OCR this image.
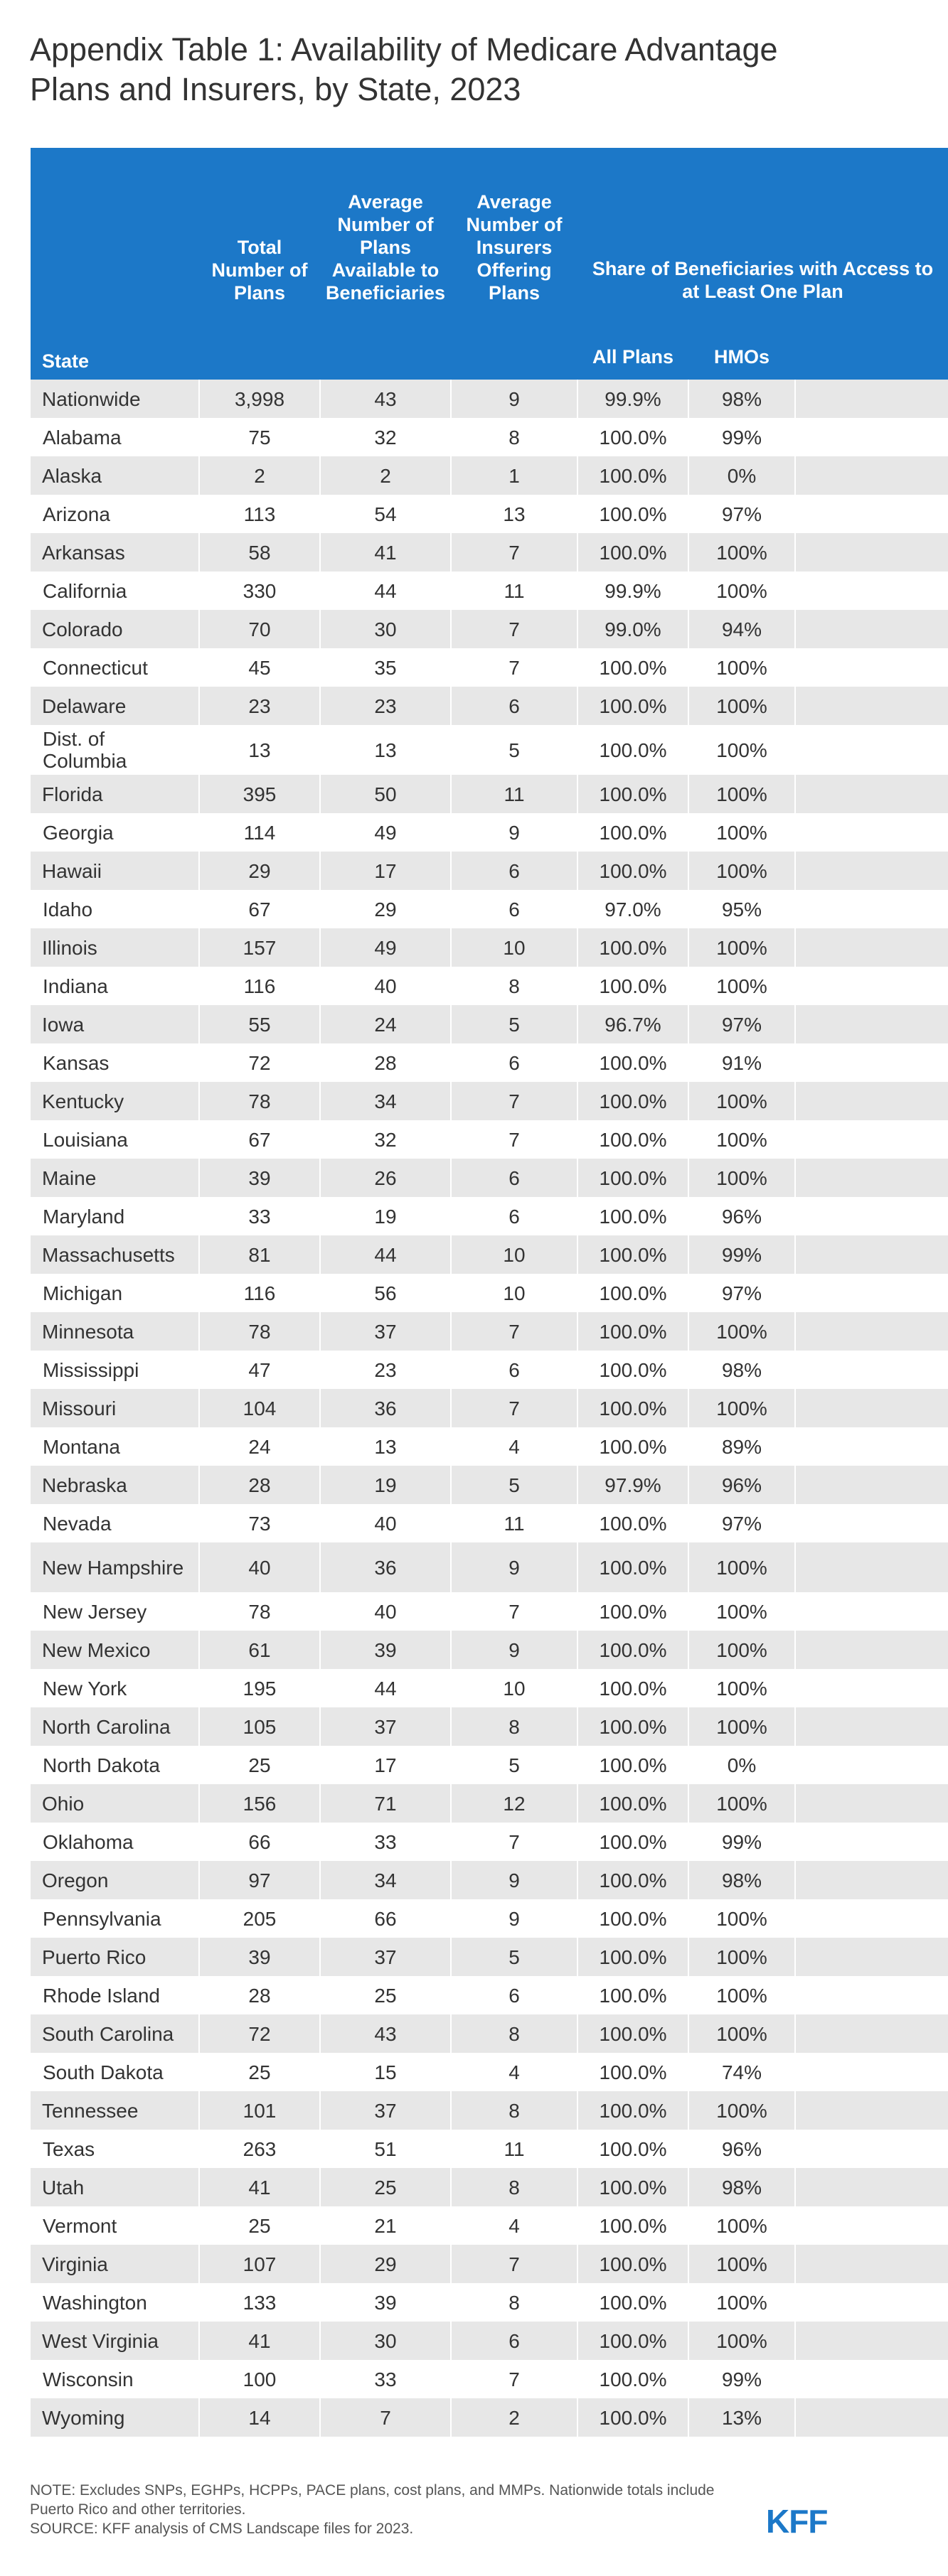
Appendix Table 1: Availability of Medicare Advantage Plans and Insurers, by State, 2023
State	Total Number of Plans	Average Number of Plans Available to Beneficiaries	Average Number of Insurers Offering Plans	Share of Beneficiaries with Access to at Least One Plan		
				All Plans	HMOs	
Nationwide	3,998	43	9	99.9%	98%	
Alabama	75	32	8	100.0%	99%	
Alaska	2	2	1	100.0%	0%	
Arizona	113	54	13	100.0%	97%	
Arkansas	58	41	7	100.0%	100%	
California	330	44	11	99.9%	100%	
Colorado	70	30	7	99.0%	94%	
Connecticut	45	35	7	100.0%	100%	
Delaware	23	23	6	100.0%	100%	
Dist. of Columbia	13	13	5	100.0%	100%	
Florida	395	50	11	100.0%	100%	
Georgia	114	49	9	100.0%	100%	
Hawaii	29	17	6	100.0%	100%	
Idaho	67	29	6	97.0%	95%	
Illinois	157	49	10	100.0%	100%	
Indiana	116	40	8	100.0%	100%	
Iowa	55	24	5	96.7%	97%	
Kansas	72	28	6	100.0%	91%	
Kentucky	78	34	7	100.0%	100%	
Louisiana	67	32	7	100.0%	100%	
Maine	39	26	6	100.0%	100%	
Maryland	33	19	6	100.0%	96%	
Massachusetts	81	44	10	100.0%	99%	
Michigan	116	56	10	100.0%	97%	
Minnesota	78	37	7	100.0%	100%	
Mississippi	47	23	6	100.0%	98%	
Missouri	104	36	7	100.0%	100%	
Montana	24	13	4	100.0%	89%	
Nebraska	28	19	5	97.9%	96%	
Nevada	73	40	11	100.0%	97%	
New Hampshire	40	36	9	100.0%	100%	
New Jersey	78	40	7	100.0%	100%	
New Mexico	61	39	9	100.0%	100%	
New York	195	44	10	100.0%	100%	
North Carolina	105	37	8	100.0%	100%	
North Dakota	25	17	5	100.0%	0%	
Ohio	156	71	12	100.0%	100%	
Oklahoma	66	33	7	100.0%	99%	
Oregon	97	34	9	100.0%	98%	
Pennsylvania	205	66	9	100.0%	100%	
Puerto Rico	39	37	5	100.0%	100%	
Rhode Island	28	25	6	100.0%	100%	
South Carolina	72	43	8	100.0%	100%	
South Dakota	25	15	4	100.0%	74%	
Tennessee	101	37	8	100.0%	100%	
Texas	263	51	11	100.0%	96%	
Utah	41	25	8	100.0%	98%	
Vermont	25	21	4	100.0%	100%	
Virginia	107	29	7	100.0%	100%	
Washington	133	39	8	100.0%	100%	
West Virginia	41	30	6	100.0%	100%	
Wisconsin	100	33	7	100.0%	99%	
Wyoming	14	7	2	100.0%	13%	
NOTE: Excludes SNPs, EGHPs, HCPPs, PACE plans, cost plans, and MMPs. Nationwide totals include Puerto Rico and other territories.
SOURCE: KFF analysis of CMS Landscape files for 2023.	KFF
